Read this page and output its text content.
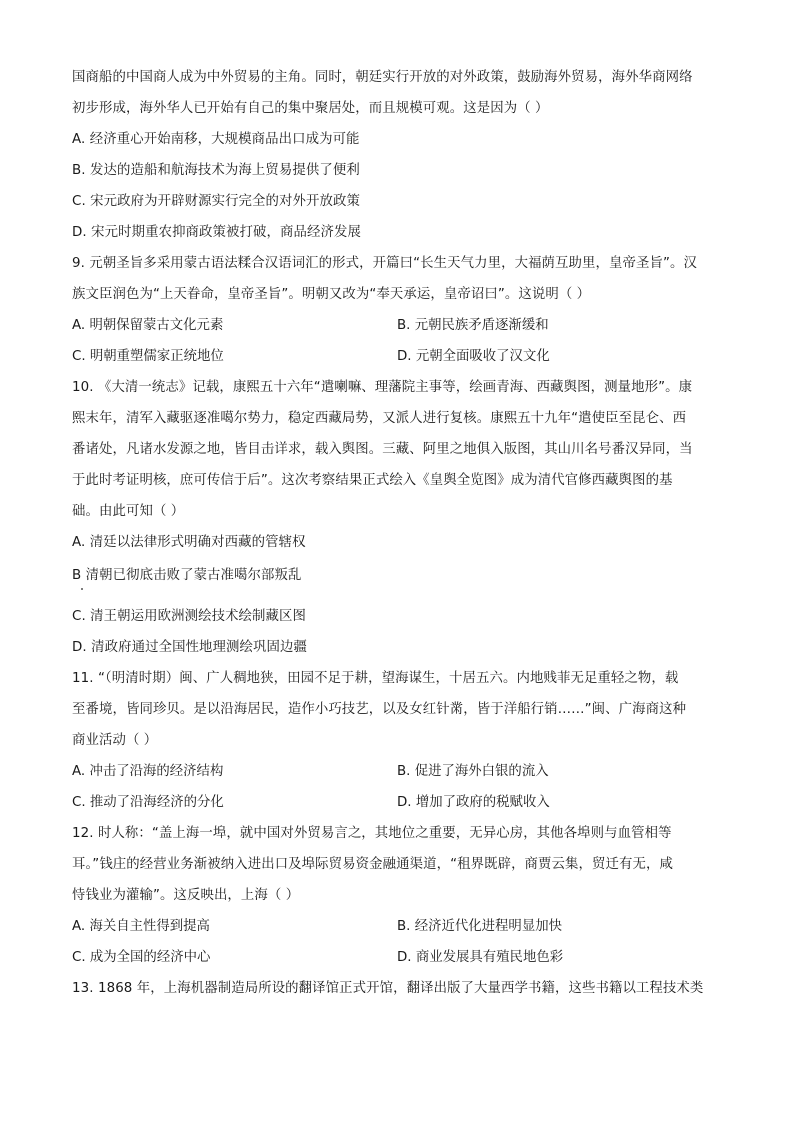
国商船的中国商人成为中外贸易的主角。同时，朝廷实行开放的对外政策，鼓励海外贸易，海外华商网络
初步形成，海外华人已开始有自己的集中聚居处，而且规模可观。这是因为（ ）
A. 经济重心开始南移，大规模商品出口成为可能
B. 发达的造船和航海技术为海上贸易提供了便利
C. 宋元政府为开辟财源实行完全的对外开放政策
D. 宋元时期重农抑商政策被打破，商品经济发展
9. 元朝圣旨多采用蒙古语法糅合汉语词汇的形式，开篇曰“长生天气力里，大福荫互助里，皇帝圣旨”。汉
族文臣润色为“上天眷命，皇帝圣旨”。明朝又改为“奉天承运，皇帝诏曰”。这说明（ ）
A. 明朝保留蒙古文化元素	B. 元朝民族矛盾逐渐缓和
C. 明朝重塑儒家正统地位	D. 元朝全面吸收了汉文化
10. 《大清一统志》记载，康熙五十六年“遣喇嘛、理藩院主事等，绘画青海、西藏舆图，测量地形”。康
熙末年，清军入藏驱逐准噶尔势力，稳定西藏局势，又派人进行复核。康熙五十九年“遣使臣至昆仑、西
番诸处，凡诸水发源之地，皆目击详求，载入舆图。三藏、阿里之地俱入版图，其山川名号番汉异同，当
于此时考证明核，庶可传信于后”。这次考察结果正式绘入《皇舆全览图》成为清代官修西藏舆图的基
础。由此可知（ ）
A. 清廷以法律形式明确对西藏的管辖权
B 清朝已彻底击败了蒙古准噶尔部叛乱
C. 清王朝运用欧洲测绘技术绘制藏区图
D. 清政府通过全国性地理测绘巩固边疆
11. “（明清时期）闽、广人稠地狭，田园不足于耕，望海谋生，十居五六。内地贱菲无足重轻之物，载
至番境，皆同珍贝。是以沿海居民，造作小巧技艺，以及女红针黹，皆于洋船行销……”闽、广海商这种
商业活动（ ）
A. 冲击了沿海的经济结构	B. 促进了海外白银的流入
C. 推动了沿海经济的分化	D. 增加了政府的税赋收入
12. 时人称：“盖上海一埠，就中国对外贸易言之，其地位之重要，无异心房，其他各埠则与血管相等
耳。”钱庄的经营业务渐被纳入进出口及埠际贸易资金融通渠道，“租界既辟，商贾云集，贸迁有无，咸
恃钱业为灌输”。这反映出，上海（ ）
A. 海关自主性得到提高	B. 经济近代化进程明显加快
C. 成为全国的经济中心	D. 商业发展具有殖民地色彩
13. 1868 年，上海机器制造局所设的翻译馆正式开馆，翻译出版了大量西学书籍，这些书籍以工程技术类
